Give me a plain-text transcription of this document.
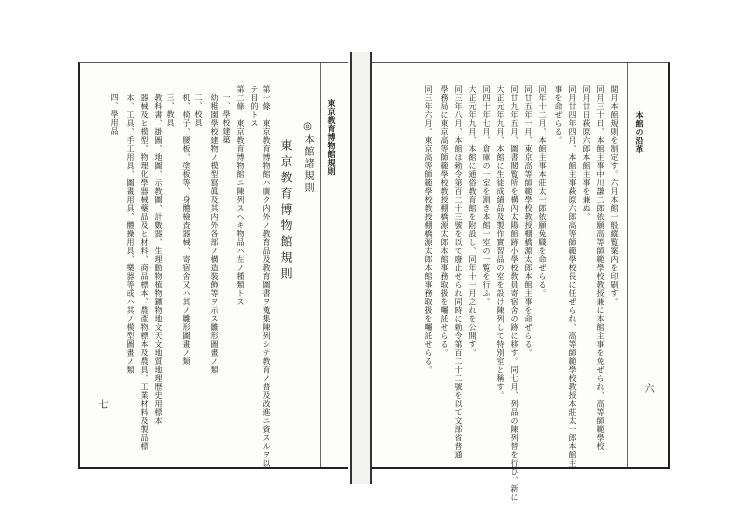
東京教育博物館規則
◎本館諸規則
東京教育博物館規則
第一條　東京教育博物館ハ廣ク内外ノ教育品及教育圖書ヲ蒐集陳列シテ教育ノ普及改進ニ資スルヲ以
テ目的トス
第二條　東京教育博物館ニ陳列スヘキ物品ハ左ノ種類トス
一、學校建築
　幼稚園學校建物ノ模型寫眞及其内外各部ノ構造裝飾等ヲ示ス雛形圖畫ノ類
二、校具
　机、椅子、腰板、塗板等、身體檢査器械、寄宿舍又ハ其ノ雛形圖畫ノ類
三、教具
　教科書、掛圖、地圖、示教圖、計數器、生理動物植物鑛物地文天文地質地理歷史用標本
　器械及ヒ模型、物理化學器械藥品及ヒ材料、商品標本、農產物標本及農具、工業材料及製品標
　本、工具、手工用具、圖畫用具、體操用具、樂器等或ハ其ノ模型圖畫ノ類
四、學用品
七
本館の沿革
閲月本館規則を制定す。六月本館一般縱覧案内を印刷す。
同月三十日、本館主事中川謙二郎依願高等師範學校教授兼に本館主事を免ぜられ、高等師範學校
同月廿日萩原六郎本館主事を兼ぬ。
同月廿四年四月、本館主事萩原六郎高等師範學校長に任ぜられ、高等師範學校教授本莊太一郎本館主
事を命ぜらる。
同年十二月、本館主事本莊太一郎依願免職を命ぜらる。
同廿五年一月、東京高等師範學校教授棚橋源太郎本館主事を命ぜらる。
同廿九年五月、圖書閲覧所を構內太陽館跡小學校敎員寄宿舍の跡に移す。同七月、列品の陳列替を行ひ、新に
大正元年九月、本館に生徒成績品及製作實習品の室を設け陳列して特別室と稱す。
同四十年七月、倉庫の一室を割き本館一室の一覧を行ふ。
大正元年九月、本館に通俗教育館を附設し、同年十一月之れを公開す。
同三年八月、本館は勅令第百二十三號を以て廢止せられ同時に勅令第百二十二號を以て文部省普通
學務局に東京高等師範學校教授棚橋源太郎本館事務取扱を囑託せらる。
同三年六月、東京高等師範學校教授棚橋源太郎本館事務取扱を囑託せらる。
六
